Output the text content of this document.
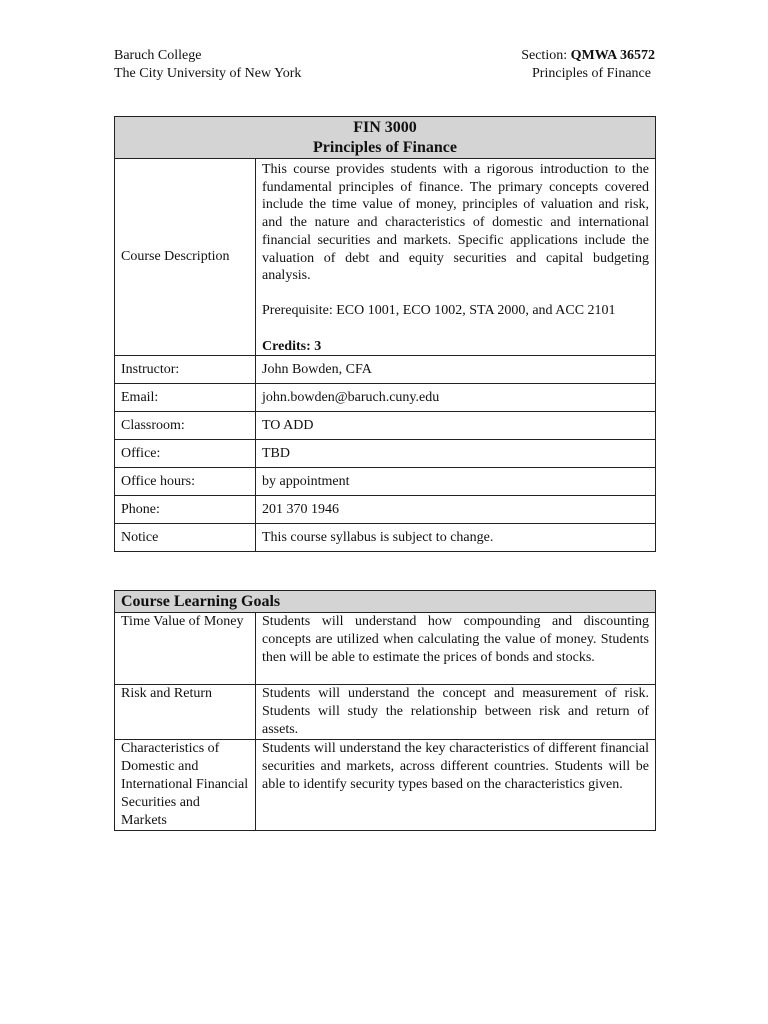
Baruch College
The City University of New York
Section: QMWA 36572
Principles of Finance
FIN 3000
Principles of Finance	

Course Description	This course provides students with a rigorous introduction to the fundamental principles of finance. The primary concepts covered include the time value of money, principles of valuation and risk, and the nature and characteristics of domestic and international financial securities and markets. Specific applications include the valuation of debt and equity securities and capital budgeting analysis.
Prerequisite: ECO 1001, ECO 1002, STA 2000, and ACC 2101
Credits: 3

Instructor:	John Bowden, CFA
Email:	john.bowden@baruch.cuny.edu
Classroom:	TO ADD
Office:	TBD
Office hours:	by appointment
Phone:	201 370 1946
Notice	This course syllabus is subject to change.
Course Learning Goals	
Time Value of Money	Students will understand how compounding and discounting concepts are utilized when calculating the value of money. Students then will be able to estimate the prices of bonds and stocks.
Risk and Return	Students will understand the concept and measurement of risk. Students will study the relationship between risk and return of assets.
Characteristics of Domestic and International Financial Securities and Markets	Students will understand the key characteristics of different financial securities and markets, across different countries. Students will be able to identify security types based on the characteristics given.
